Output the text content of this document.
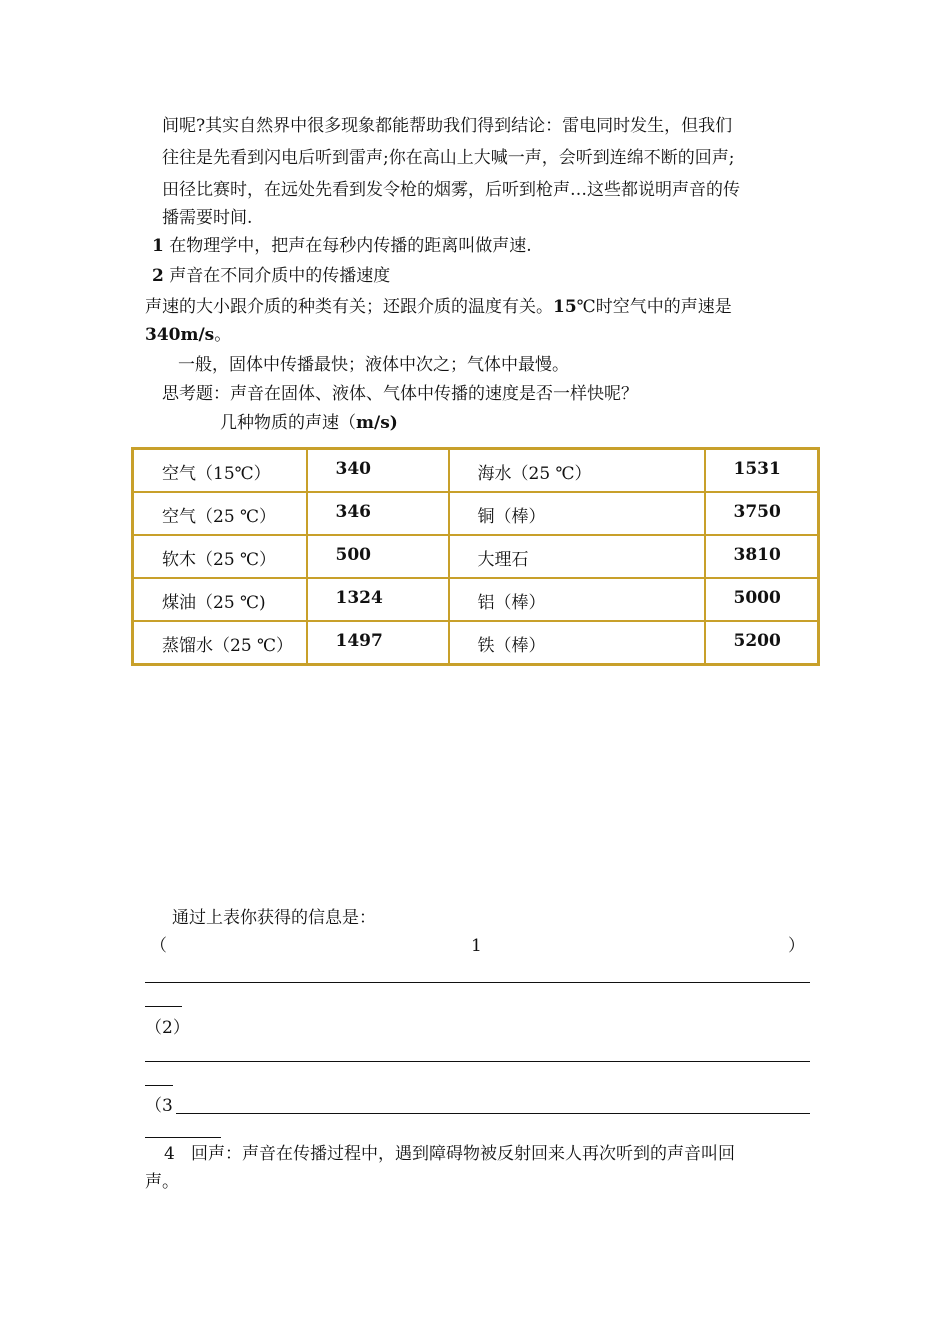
间呢?其实自然界中很多现象都能帮助我们得到结论：雷电同时发生，但我们
往往是先看到闪电后听到雷声;你在高山上大喊一声，会听到连绵不断的回声;
田径比赛时，在远处先看到发令枪的烟雾，后听到枪声…这些都说明声音的传
播需要时间.
1 在物理学中，把声在每秒内传播的距离叫做声速.
2 声音在不同介质中的传播速度
声速的大小跟介质的种类有关；还跟介质的温度有关。15℃时空气中的声速是
340m/s。
一般，固体中传播最快；液体中次之；气体中最慢。
思考题：声音在固体、液体、气体中传播的速度是否一样快呢？
几种物质的声速（m/s)
空气（15℃）	340	海水（25 ℃）	1531

空气（25 ℃）	346	铜（棒）	3750

软木（25 ℃）	500	大理石	3810

煤油（25 ℃)	1324	铝（棒）	5000

蒸馏水（25 ℃）	1497	铁（棒）	5200
通过上表你获得的信息是：
（	1	）
（2）
（3
4 回声：声音在传播过程中，遇到障碍物被反射回来人再次听到的声音叫回
声。
